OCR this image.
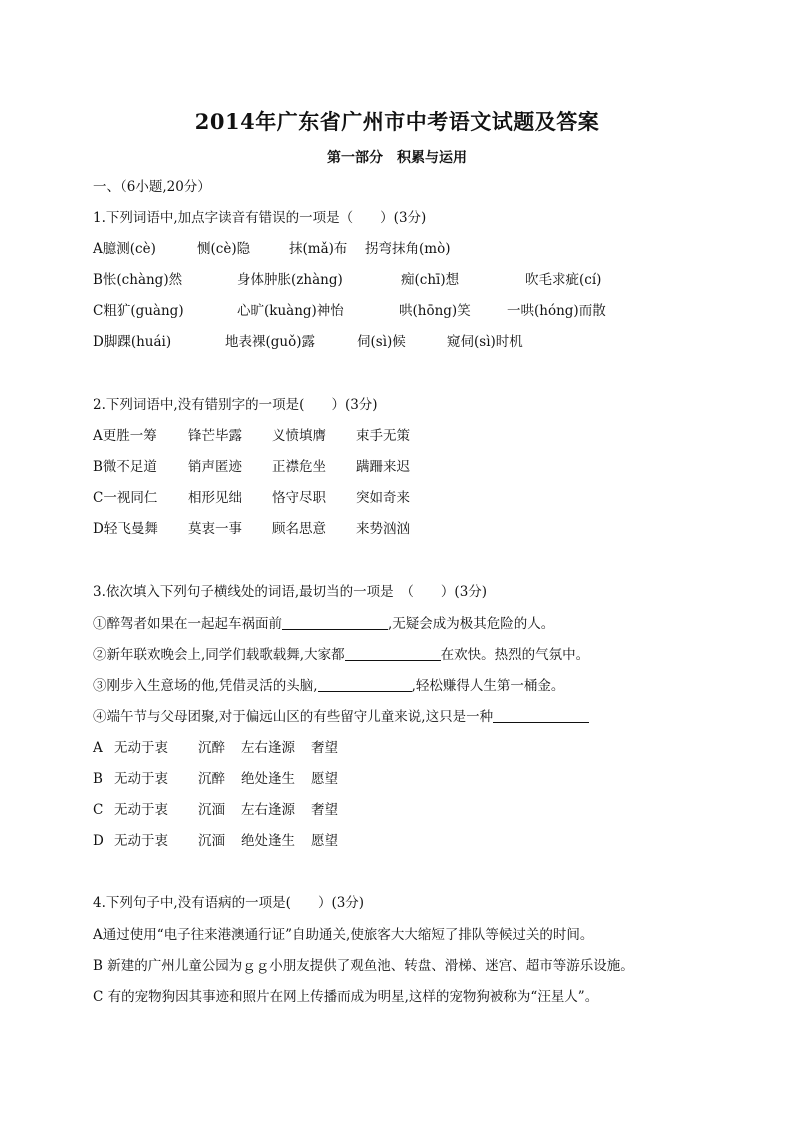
2014年广东省广州市中考语文试题及答案
第一部分　积累与运用
一、（6小题,20分）
1.下列词语中,加点字读音有错误的一项是（　　）(3分)
A臆测(cè)	恻(cè)隐	抹(mǎ)布 拐弯抹角(mò)
B怅(chàng)然	身体肿胀(zhàng)	痴(chī)想	吹毛求疵(cí)
C粗犷(guàng)	心旷(kuàng)神怡	哄(hōng)笑	一哄(hóng)而散
D脚踝(huái)	地表裸(guǒ)露	伺(sì)候	窥伺(sì)时机
2.下列词语中,没有错别字的一项是(　　）(3分)
A更胜一筹 锋芒毕露 义愤填膺 束手无策
B微不足道 销声匿迹 正襟危坐 蹒跚来迟
C一视同仁 相形见绌 恪守尽职 突如奇来
D轻飞曼舞 莫衷一事 顾名思意 来势汹汹
3.依次填入下列句子横线处的词语,最切当的一项是　（　　）(3分)
①醉驾者如果在一起起车祸面前	,无疑会成为极其危险的人。
②新年联欢晚会上,同学们载歌载舞,大家都	在欢快。热烈的气氛中。
③刚步入生意场的他,凭借灵活的头脑,	,轻松赚得人生第一桶金。
④端午节与父母团聚,对于偏远山区的有些留守儿童来说,这只是一种
A 无动于衷 沉醉 左右逢源 奢望
B 无动于衷 沉醉 绝处逢生 愿望
C 无动于衷 沉湎 左右逢源 奢望
D 无动于衷 沉湎 绝处逢生 愿望
4.下列句子中,没有语病的一项是(　　）(3分)
A通过使用“电子往来港澳通行证”自助通关,使旅客大大缩短了排队等候过关的时间。
B 新建的广州儿童公园为ｇｇ小朋友提供了观鱼池、转盘、滑梯、迷宫、超市等游乐设施。
C 有的宠物狗因其事迹和照片在网上传播而成为明星,这样的宠物狗被称为“汪星人”。
